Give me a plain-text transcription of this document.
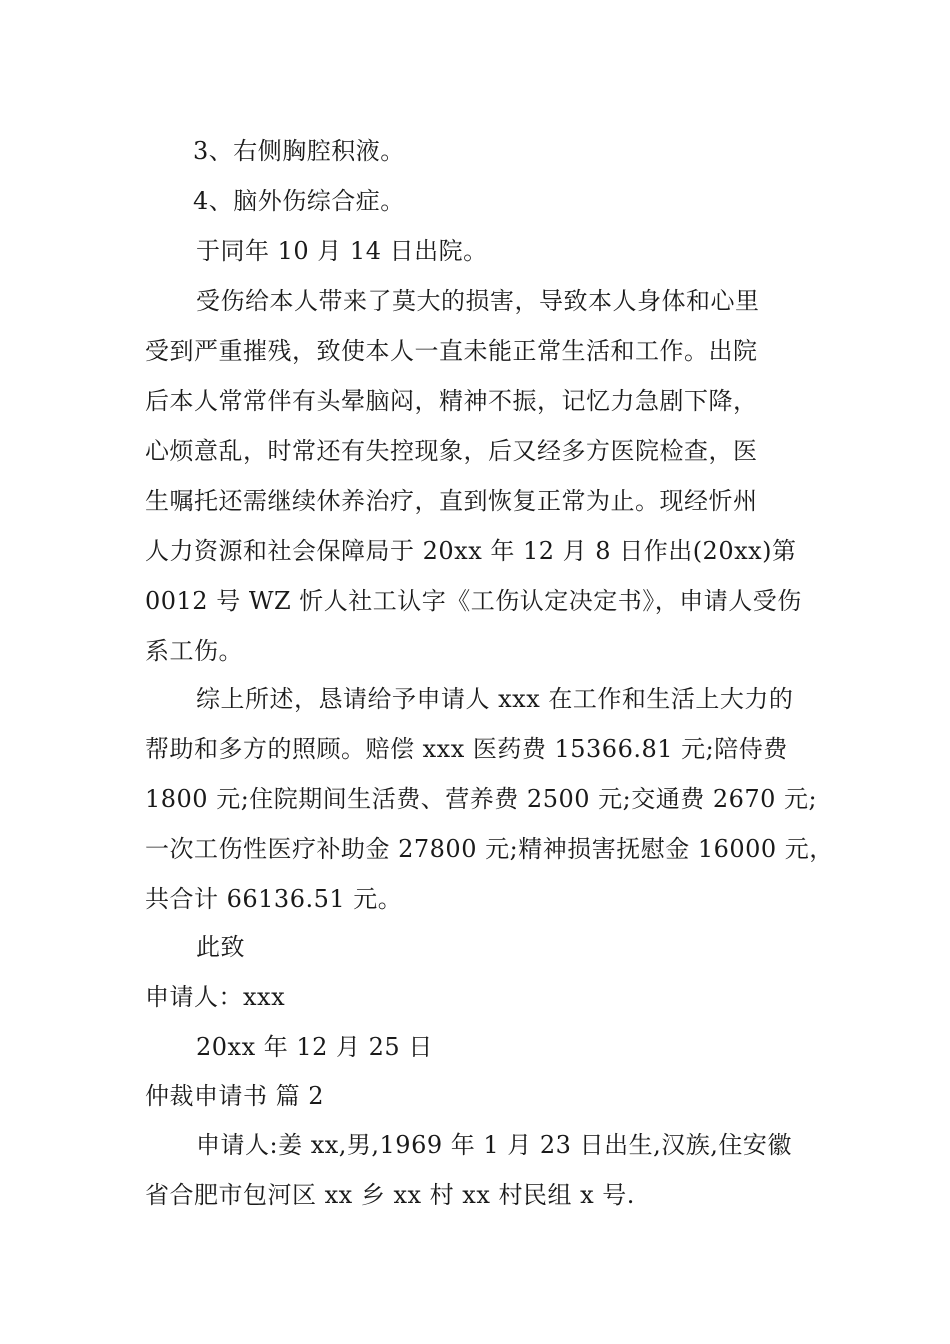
3、右侧胸腔积液。
4、脑外伤综合症。
于同年 10 月 14 日出院。
受伤给本人带来了莫大的损害，导致本人身体和心里
受到严重摧残，致使本人一直未能正常生活和工作。出院
后本人常常伴有头晕脑闷，精神不振，记忆力急剧下降，
心烦意乱，时常还有失控现象，后又经多方医院检查，医
生嘱托还需继续休养治疗，直到恢复正常为止。现经忻州
人力资源和社会保障局于 20xx 年 12 月 8 日作出(20xx)第
0012 号 WZ 忻人社工认字《工伤认定决定书》，申请人受伤
系工伤。
综上所述，恳请给予申请人 xxx 在工作和生活上大力的
帮助和多方的照顾。赔偿 xxx 医药费 15366.81 元;陪侍费
1800 元;住院期间生活费、营养费 2500 元;交通费 2670 元;
一次工伤性医疗补助金 27800 元;精神损害抚慰金 16000 元，
共合计 66136.51 元。
此致
申请人：xxx
20xx 年 12 月 25 日
仲裁申请书 篇 2
申请人:姜 xx,男,1969 年 1 月 23 日出生,汉族,住安徽
省合肥市包河区 xx 乡 xx 村 xx 村民组 x 号.
